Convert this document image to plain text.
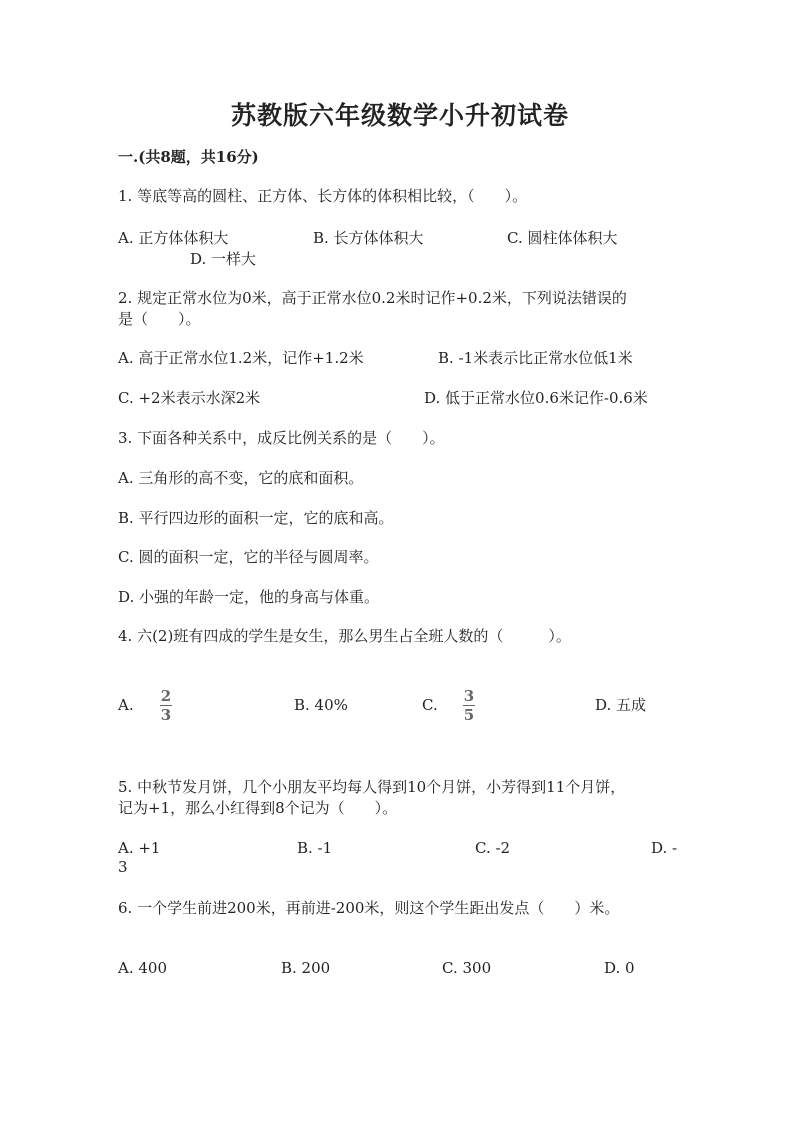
苏教版六年级数学小升初试卷
一.(共8题，共16分)
1. 等底等高的圆柱、正方体、长方体的体积相比较，（　　）。
A. 正方体体积大	B. 长方体体积大	C. 圆柱体体积大
D. 一样大
2. 规定正常水位为0米，高于正常水位0.2米时记作+0.2米，下列说法错误的
是（　　）。
A. 高于正常水位1.2米，记作+1.2米	B. -1米表示比正常水位低1米
C. +2米表示水深2米	D. 低于正常水位0.6米记作-0.6米
3. 下面各种关系中，成反比例关系的是（　　）。
A. 三角形的高不变，它的底和面积。
B. 平行四边形的面积一定，它的底和高。
C. 圆的面积一定，它的半径与圆周率。
D. 小强的年龄一定，他的身高与体重。
4. 六(2)班有四成的学生是女生，那么男生占全班人数的（　　　）。
A. 2
3
B. 40%	C. 3
5
D. 五成
5. 中秋节发月饼，几个小朋友平均每人得到10个月饼，小芳得到11个月饼，
记为+1，那么小红得到8个记为（　　）。
A. +1	B. -1	C. -2	D. -
3
6. 一个学生前进200米，再前进-200米，则这个学生距出发点（　　）米。
A. 400	B. 200	C. 300	D. 0
